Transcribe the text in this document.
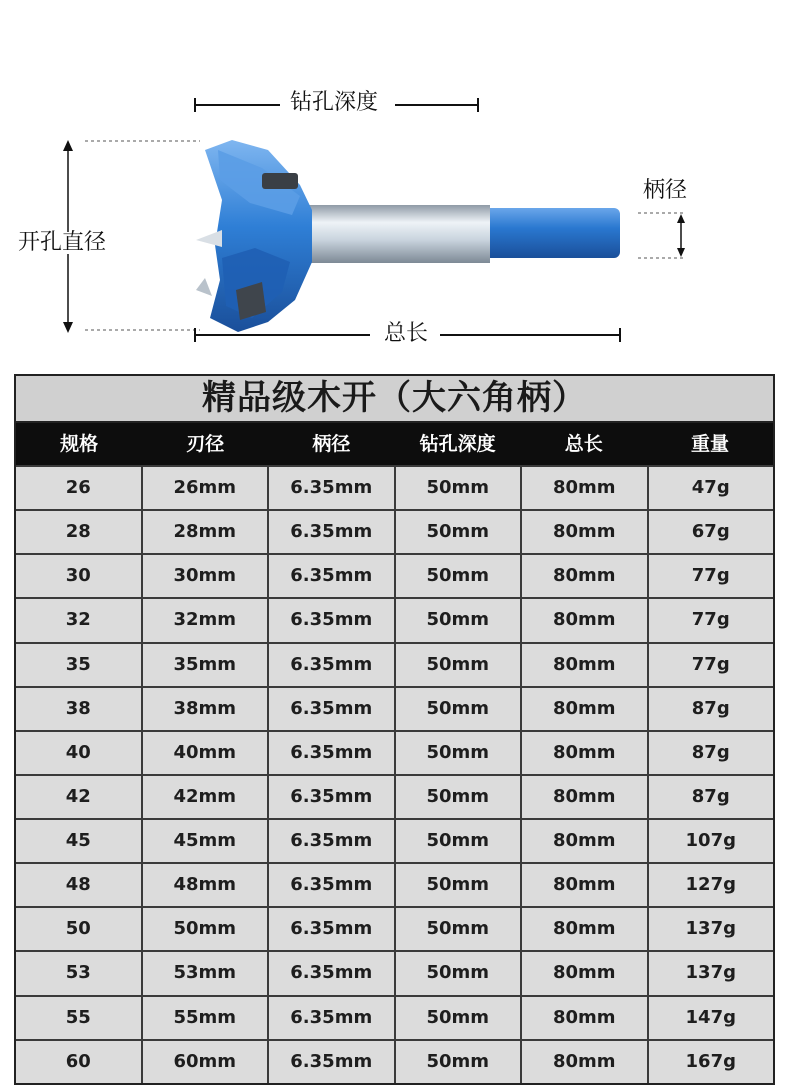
钻孔深度
柄径
开孔直径
总长
精品级木开（大六角柄）
规格	刃径	柄径	钻孔深度	总长	重量
26	26mm	6.35mm	50mm	80mm	47g
28	28mm	6.35mm	50mm	80mm	67g
30	30mm	6.35mm	50mm	80mm	77g
32	32mm	6.35mm	50mm	80mm	77g
35	35mm	6.35mm	50mm	80mm	77g
38	38mm	6.35mm	50mm	80mm	87g
40	40mm	6.35mm	50mm	80mm	87g
42	42mm	6.35mm	50mm	80mm	87g
45	45mm	6.35mm	50mm	80mm	107g
48	48mm	6.35mm	50mm	80mm	127g
50	50mm	6.35mm	50mm	80mm	137g
53	53mm	6.35mm	50mm	80mm	137g
55	55mm	6.35mm	50mm	80mm	147g
60	60mm	6.35mm	50mm	80mm	167g
